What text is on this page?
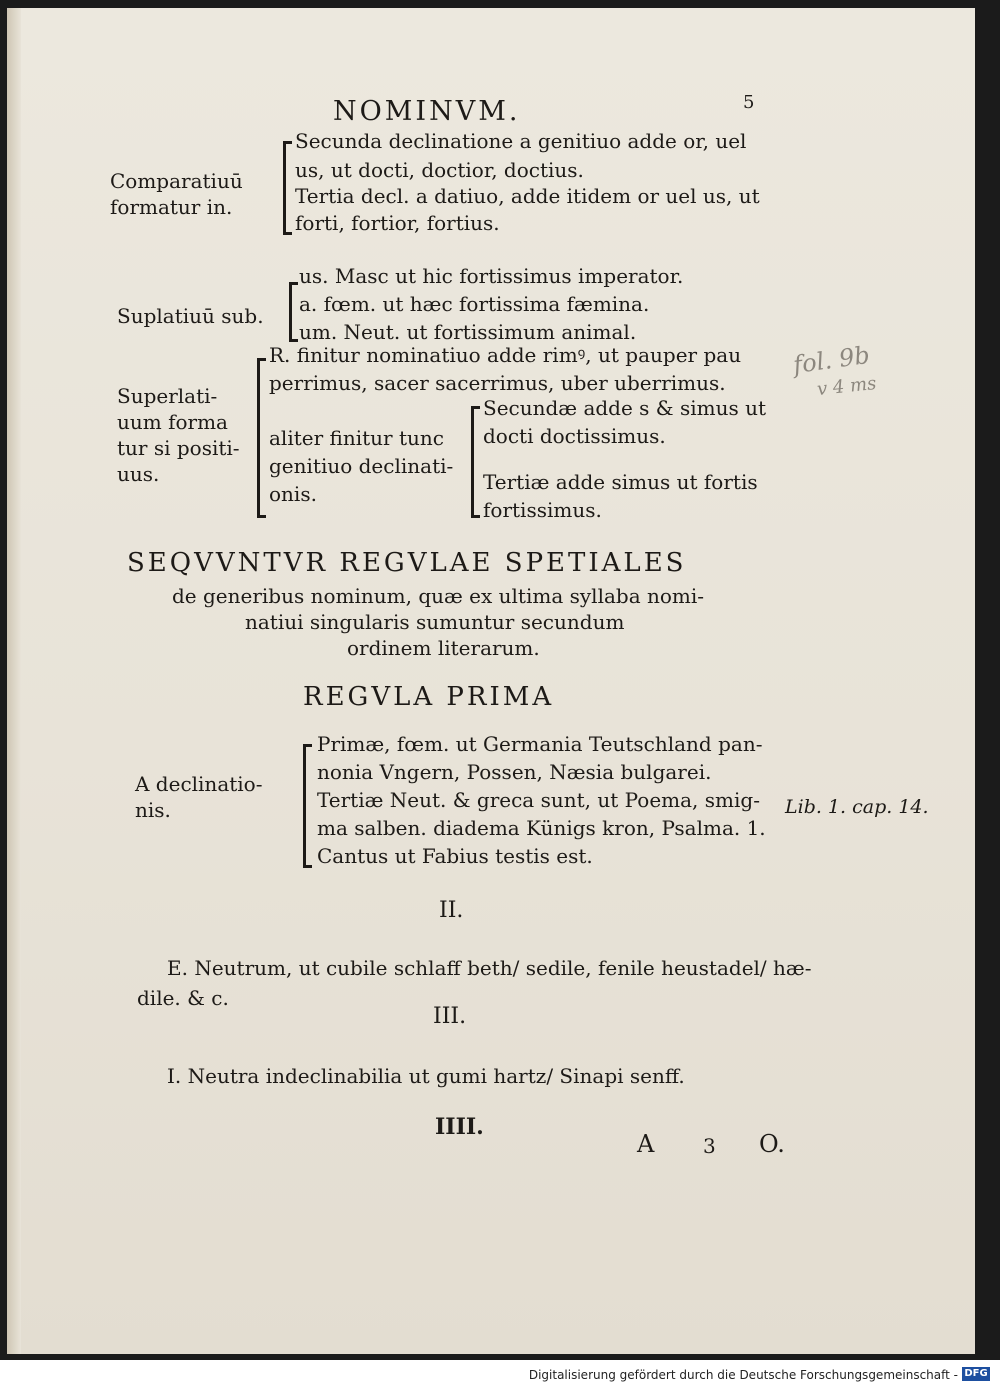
NOMINVM.	5
Comparatiuū
formatur in.
Secunda declinatione a genitiuo adde or, uel
us, ut docti, doctior, doctius.
Tertia decl. a datiuo, adde itidem or uel us, ut
forti, fortior, fortius.
Suplatiuū sub.
us. Masc ut hic fortissimus imperator.
a. fœm. ut hæc fortissima fæmina.
um. Neut. ut fortissimum animal.
Superlati-
uum forma
tur si positi-
uus.
R. finitur nominatiuo adde rimꝰ, ut pauper pau
perrimus, sacer sacerrimus, uber uberrimus.
aliter finitur tunc
genitiuo declinati-
onis.
Secundæ adde s & simus ut
docti doctissimus.
Tertiæ adde simus ut fortis
fortissimus.
fol. 9b
v 4 ms
SEQVVNTVR REGVLAE SPETIALES
de generibus nominum, quæ ex ultima syllaba nomi-
natiui singularis sumuntur secundum
ordinem literarum.
REGVLA PRIMA
A declinatio-
nis.
Primæ, fœm. ut Germania Teutschland pan-
nonia Vngern, Possen, Næsia bulgarei.
Tertiæ Neut. & greca sunt, ut Poema, smig-
ma salben. diadema Künigs kron, Psalma. 1.
Cantus ut Fabius testis est.
Lib. 1. cap. 14.
II.
E. Neutrum, ut cubile schlaff beth/ sedile, fenile heustadel/ hæ-
dile. & c.
III.
I. Neutra indeclinabilia ut gumi hartz/ Sinapi senff.
IIII.
A 3 O.
Digitalisierung gefördert durch die Deutsche Forschungsgemeinschaft - DFG
